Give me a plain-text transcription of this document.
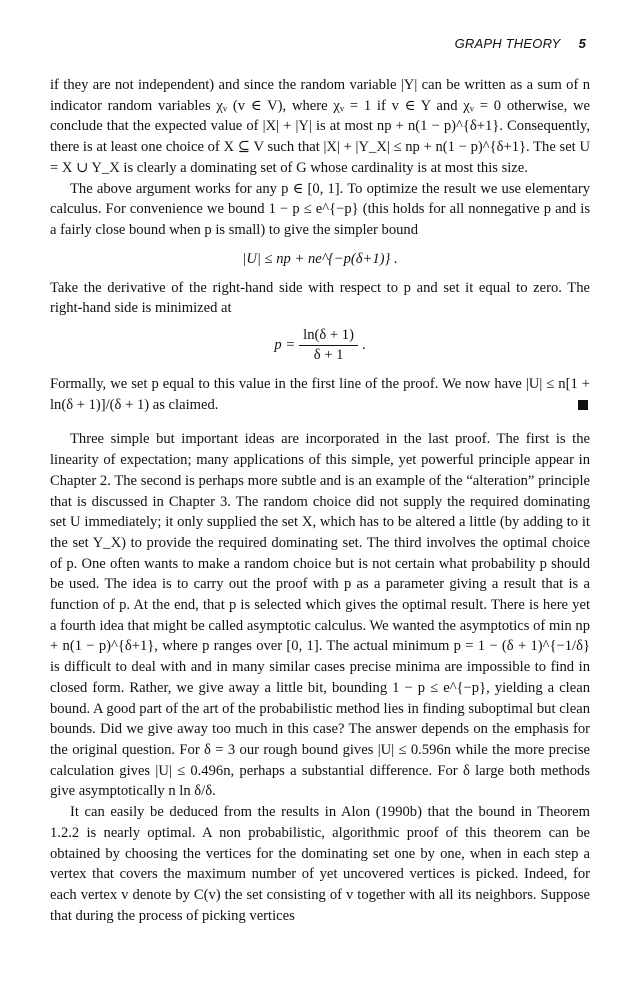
GRAPH THEORY 5

if they are not independent) and since the random variable |Y| can be written as a sum of n indicator random variables χᵥ (v ∈ V), where χᵥ = 1 if v ∈ Y and χᵥ = 0 otherwise, we conclude that the expected value of |X| + |Y| is at most np + n(1 − p)^{δ+1}. Consequently, there is at least one choice of X ⊆ V such that |X| + |Y_X| ≤ np + n(1 − p)^{δ+1}. The set U = X ∪ Y_X is clearly a dominating set of G whose cardinality is at most this size.

The above argument works for any p ∈ [0, 1]. To optimize the result we use elementary calculus. For convenience we bound 1 − p ≤ e^{−p} (this holds for all nonnegative p and is a fairly close bound when p is small) to give the simpler bound

|U| ≤ np + ne^{−p(δ+1)} .

Take the derivative of the right-hand side with respect to p and set it equal to zero. The right-hand side is minimized at

$p = \frac{\ln(\delta + 1)}{\delta + 1}$ .

Formally, we set p equal to this value in the first line of the proof. We now have |U| ≤ n[1 + ln(δ + 1)]/(δ + 1) as claimed.

Three simple but important ideas are incorporated in the last proof. The first is the linearity of expectation; many applications of this simple, yet powerful principle appear in Chapter 2. The second is perhaps more subtle and is an example of the “alteration” principle that is discussed in Chapter 3. The random choice did not supply the required dominating set U immediately; it only supplied the set X, which has to be altered a little (by adding to it the set Y_X) to provide the required dominating set. The third involves the optimal choice of p. One often wants to make a random choice but is not certain what probability p should be used. The idea is to carry out the proof with p as a parameter giving a result that is a function of p. At the end, that p is selected which gives the optimal result. There is here yet a fourth idea that might be called asymptotic calculus. We wanted the asymptotics of min np + n(1 − p)^{δ+1}, where p ranges over [0, 1]. The actual minimum p = 1 − (δ + 1)^{−1/δ} is difficult to deal with and in many similar cases precise minima are impossible to find in closed form. Rather, we give away a little bit, bounding 1 − p ≤ e^{−p}, yielding a clean bound. A good part of the art of the probabilistic method lies in finding suboptimal but clean bounds. Did we give away too much in this case? The answer depends on the emphasis for the original question. For δ = 3 our rough bound gives |U| ≤ 0.596n while the more precise calculation gives |U| ≤ 0.496n, perhaps a substantial difference. For δ large both methods give asymptotically n ln δ/δ.

It can easily be deduced from the results in Alon (1990b) that the bound in Theorem 1.2.2 is nearly optimal. A non probabilistic, algorithmic proof of this theorem can be obtained by choosing the vertices for the dominating set one by one, when in each step a vertex that covers the maximum number of yet uncovered vertices is picked. Indeed, for each vertex v denote by C(v) the set consisting of v together with all its neighbors. Suppose that during the process of picking vertices
